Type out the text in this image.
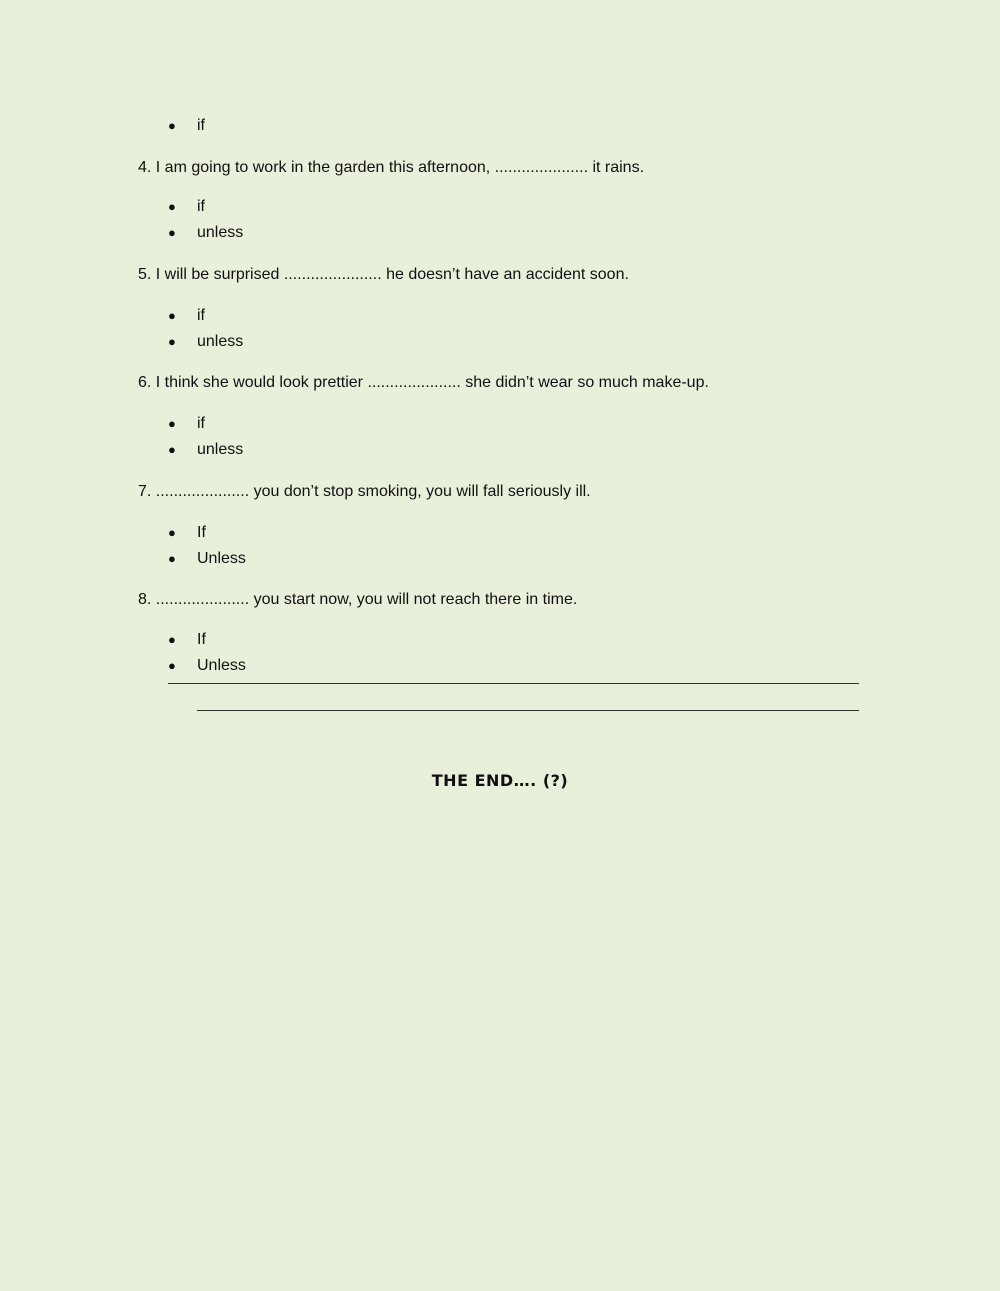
● if
4. I am going to work in the garden this afternoon, ..................... it rains.
● if
● unless
5. I will be surprised ...................... he doesn’t have an accident soon.
● if
● unless
6. I think she would look prettier ..................... she didn’t wear so much make-up.
● if
● unless
7. ..................... you don’t stop smoking, you will fall seriously ill.
● If
● Unless
8. ..................... you start now, you will not reach there in time.
● If
● Unless
THE END…. (?)
